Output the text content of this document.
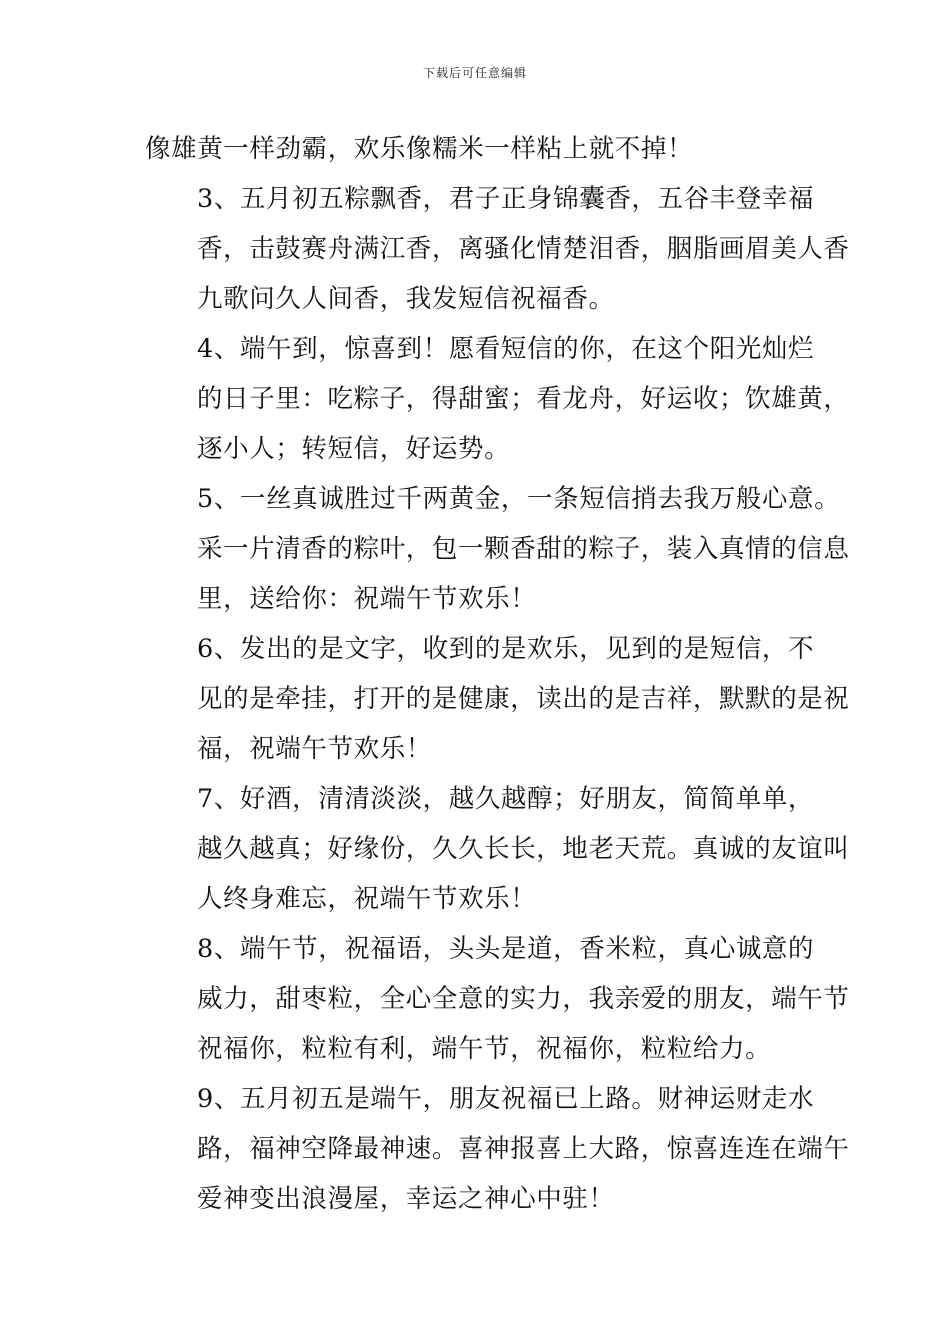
下载后可任意编辑

像雄黄一样劲霸，欢乐像糯米一样粘上就不掉！

3、五月初五粽飘香，君子正身锦囊香，五谷丰登幸福
香，击鼓赛舟满江香，离骚化情楚泪香，胭脂画眉美人香
九歌问久人间香，我发短信祝福香。

4、端午到，惊喜到！愿看短信的你，在这个阳光灿烂
的日子里：吃粽子，得甜蜜；看龙舟，好运收；饮雄黄，
逐小人；转短信，好运势。

5、一丝真诚胜过千两黄金，一条短信捎去我万般心意。
采一片清香的粽叶，包一颗香甜的粽子，装入真情的信息
里，送给你：祝端午节欢乐！

6、发出的是文字，收到的是欢乐，见到的是短信，不
见的是牵挂，打开的是健康，读出的是吉祥，默默的是祝
福，祝端午节欢乐！

7、好酒，清清淡淡，越久越醇；好朋友，简简单单，
越久越真；好缘份，久久长长，地老天荒。真诚的友谊叫
人终身难忘，祝端午节欢乐！

8、端午节，祝福语，头头是道，香米粒，真心诚意的
威力，甜枣粒，全心全意的实力，我亲爱的朋友，端午节
祝福你，粒粒有利，端午节，祝福你，粒粒给力。

9、五月初五是端午，朋友祝福已上路。财神运财走水
路，福神空降最神速。喜神报喜上大路，惊喜连连在端午
爱神变出浪漫屋，幸运之神心中驻！
